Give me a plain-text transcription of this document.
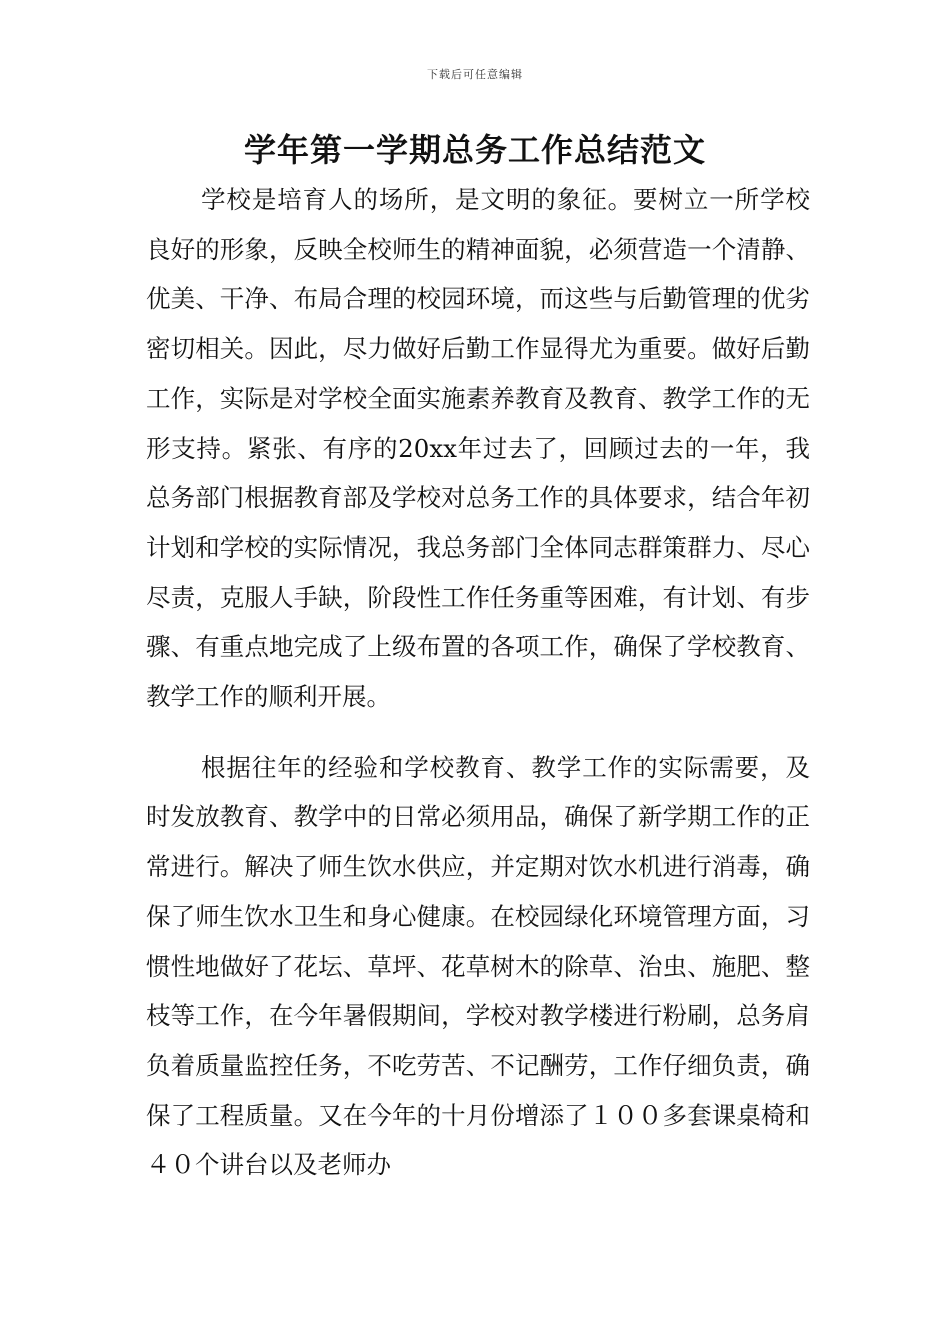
下载后可任意编辑
学年第一学期总务工作总结范文

学校是培育人的场所，是文明的象征。要树立一所学校良好的形象，反映全校师生的精神面貌，必须营造一个清静、优美、干净、布局合理的校园环境，而这些与后勤管理的优劣密切相关。因此，尽力做好后勤工作显得尤为重要。做好后勤工作，实际是对学校全面实施素养教育及教育、教学工作的无形支持。紧张、有序的20xx年过去了，回顾过去的一年，我总务部门根据教育部及学校对总务工作的具体要求，结合年初计划和学校的实际情况，我总务部门全体同志群策群力、尽心尽责，克服人手缺，阶段性工作任务重等困难，有计划、有步骤、有重点地完成了上级布置的各项工作，确保了学校教育、教学工作的顺利开展。

根据往年的经验和学校教育、教学工作的实际需要，及时发放教育、教学中的日常必须用品，确保了新学期工作的正常进行。解决了师生饮水供应，并定期对饮水机进行消毒，确保了师生饮水卫生和身心健康。在校园绿化环境管理方面，习惯性地做好了花坛、草坪、花草树木的除草、治虫、施肥、整枝等工作，在今年暑假期间，学校对教学楼进行粉刷，总务肩负着质量监控任务，不吃劳苦、不记酬劳，工作仔细负责，确保了工程质量。又在今年的十月份增添了１００多套课桌椅和４０个讲台以及老师办
